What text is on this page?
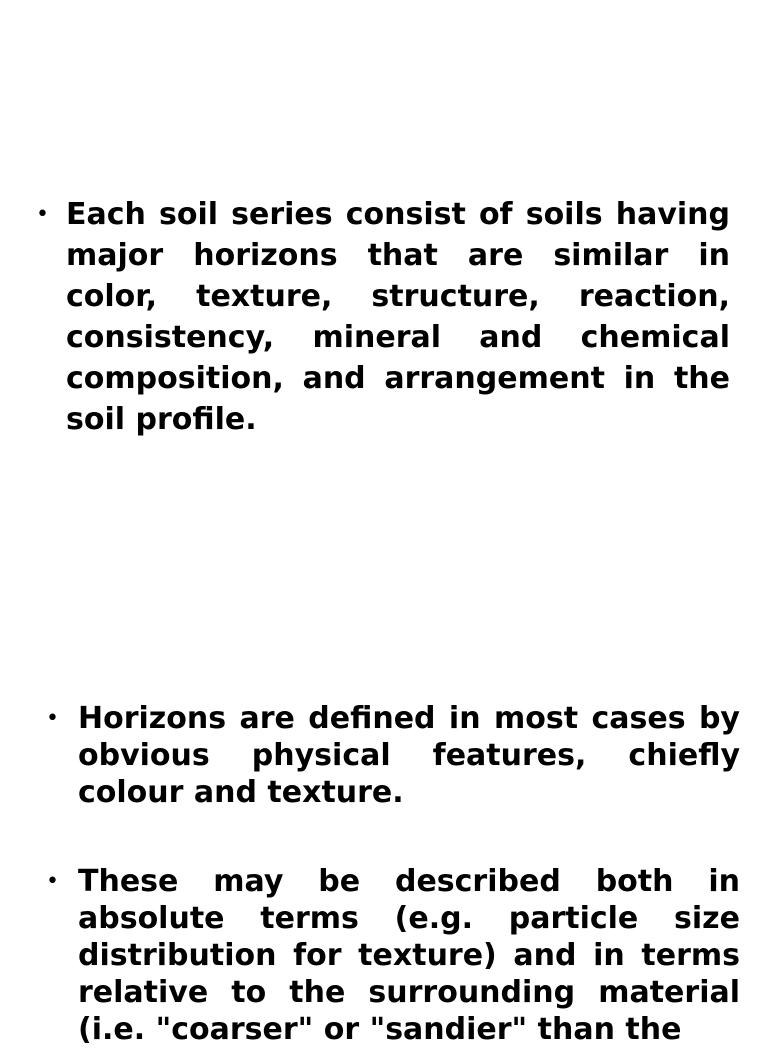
• Each soil series consist of soils having major horizons that are similar in color, texture, structure, reaction, consistency, mineral and chemical composition, and arrangement in the soil profile.
• Horizons are defined in most cases by obvious physical features, chiefly colour and texture.
• These may be described both in absolute terms (e.g. particle size distribution for texture) and in terms relative to the surrounding material (i.e. "coarser" or "sandier" than the
